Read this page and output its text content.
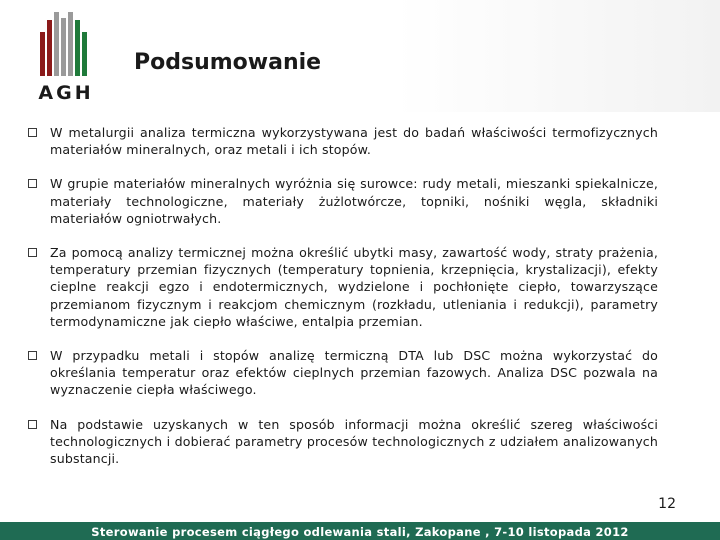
AGH
Podsumowanie
W metalurgii analiza termiczna wykorzystywana jest do badań właściwości termofizycznych materiałów mineralnych, oraz metali i ich stopów.
W grupie materiałów mineralnych wyróżnia się surowce: rudy metali, mieszanki spiekalnicze, materiały technologiczne, materiały żużlotwórcze, topniki, nośniki węgla, składniki materiałów ogniotrwałych.
Za pomocą analizy termicznej można określić ubytki masy, zawartość wody, straty prażenia, temperatury przemian fizycznych (temperatury topnienia, krzepnięcia, krystalizacji), efekty cieplne reakcji egzo i endotermicznych, wydzielone i pochłonięte ciepło, towarzyszące przemianom fizycznym i reakcjom chemicznym (rozkładu, utleniania i redukcji), parametry termodynamiczne jak ciepło właściwe, entalpia przemian.
W przypadku metali i stopów analizę termiczną DTA lub DSC można wykorzystać do określania temperatur oraz efektów cieplnych przemian fazowych. Analiza DSC pozwala na wyznaczenie ciepła właściwego.
Na podstawie uzyskanych w ten sposób informacji można określić szereg właściwości technologicznych i dobierać parametry procesów technologicznych z udziałem analizowanych substancji.
12
Sterowanie procesem ciągłego odlewania stali, Zakopane , 7-10 listopada 2012
